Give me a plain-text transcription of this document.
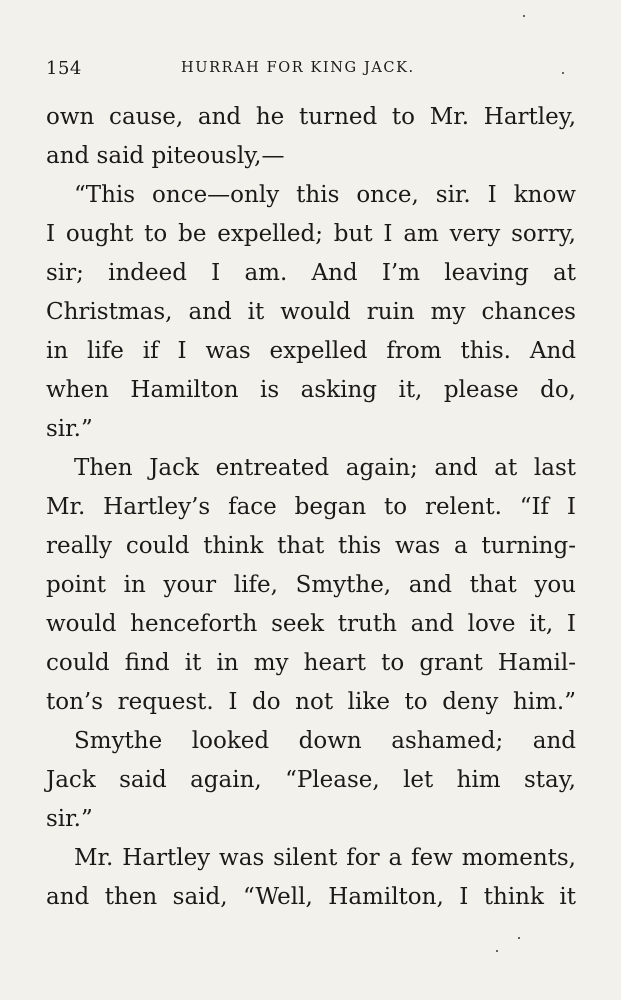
154	HURRAH FOR KING JACK.
own cause, and he turned to Mr. Hartley,
and said piteously,—
“This once—only this once, sir. I know
I ought to be expelled; but I am very sorry,
sir; indeed I am. And I’m leaving at
Christmas, and it would ruin my chances
in life if I was expelled from this. And
when Hamilton is asking it, please do,
sir.”
Then Jack entreated again; and at last
Mr. Hartley’s face began to relent. “If I
really could think that this was a turning-
point in your life, Smythe, and that you
would henceforth seek truth and love it, I
could find it in my heart to grant Hamil-
ton’s request. I do not like to deny him.”
Smythe looked down ashamed; and
Jack said again, “Please, let him stay,
sir.”
Mr. Hartley was silent for a few moments,
and then said, “Well, Hamilton, I think it
